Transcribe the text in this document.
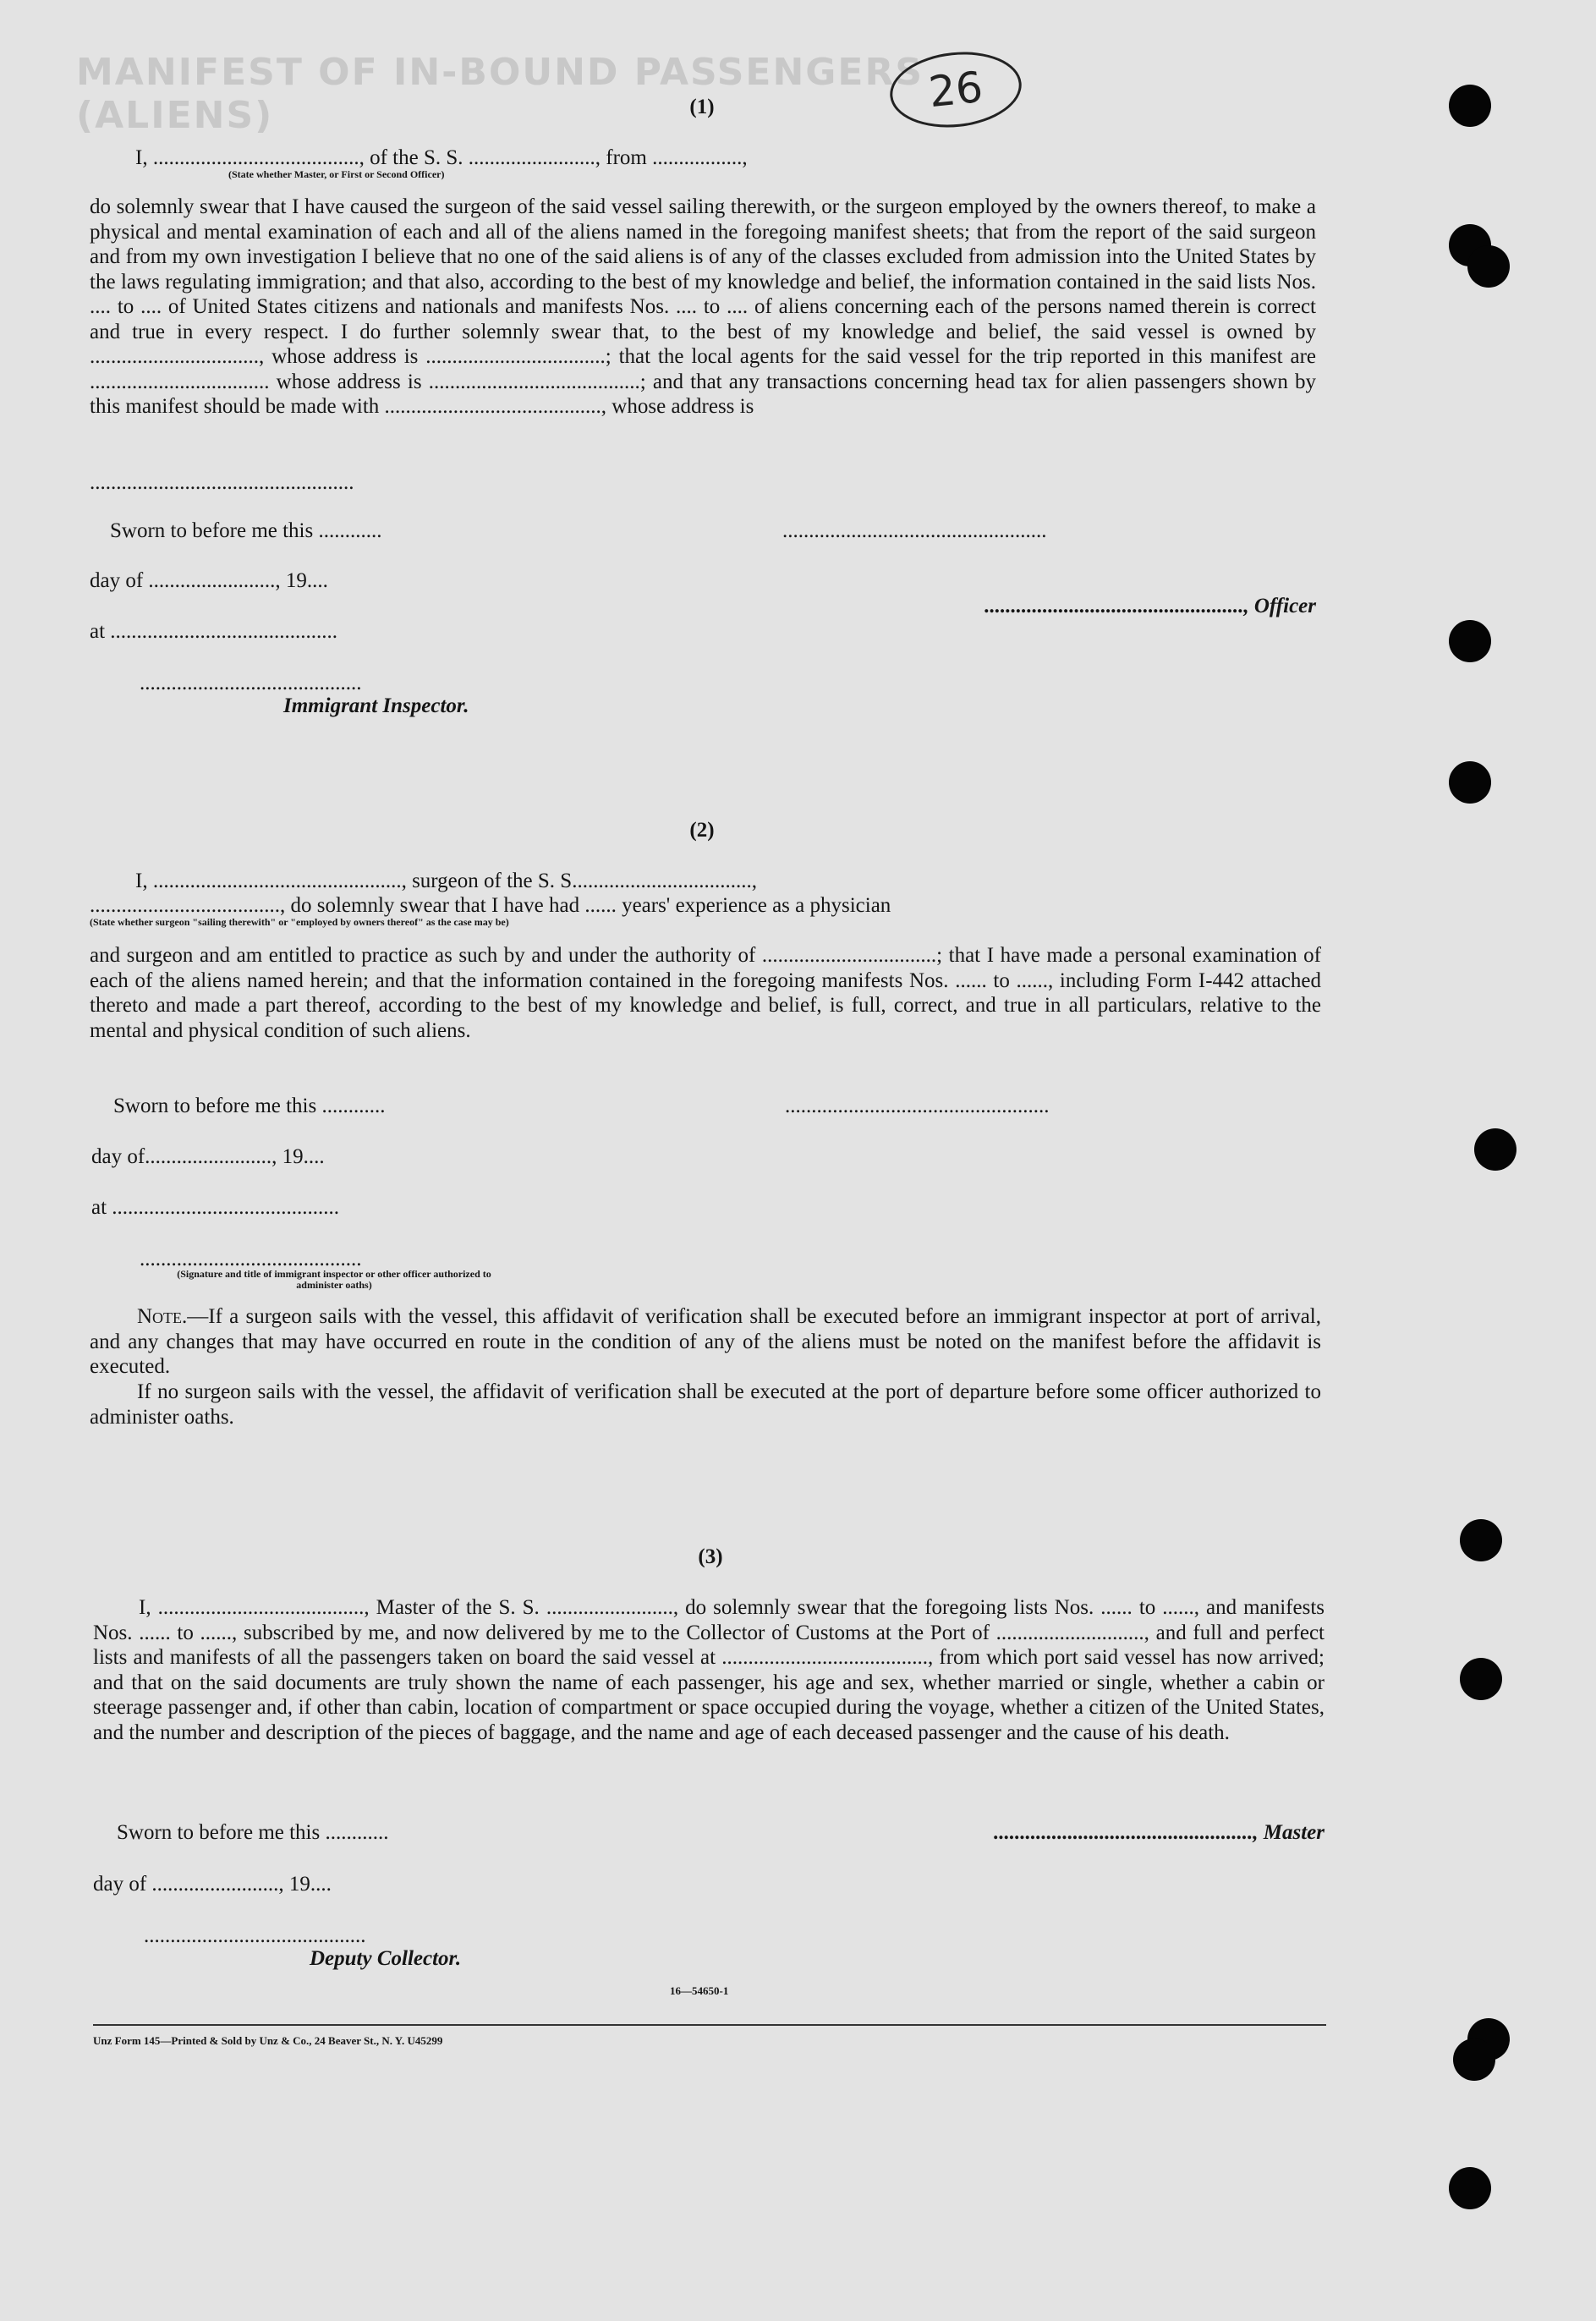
MANIFEST OF IN-BOUND PASSENGERS (ALIENS)	26
(1)
I, ......................................., of the S. S. ........................, from .................,
(State whether Master, or First or Second Officer)
do solemnly swear that I have caused the surgeon of the said vessel sailing therewith, or the surgeon employed by the owners thereof, to make a physical and mental examination of each and all of the aliens named in the foregoing manifest sheets; that from the report of the said surgeon and from my own investigation I believe that no one of the said aliens is of any of the classes excluded from admission into the United States by the laws regulating immigration; and that also, according to the best of my knowledge and belief, the information contained in the said lists Nos. .... to .... of United States citizens and nationals and manifests Nos. .... to .... of aliens concerning each of the persons named therein is correct and true in every respect. I do further solemnly swear that, to the best of my knowledge and belief, the said vessel is owned by ................................, whose address is ..................................; that the local agents for the said vessel for the trip reported in this manifest are .................................. whose address is ........................................; and that any transactions concerning head tax for alien passengers shown by this manifest should be made with ........................................., whose address is
..................................................
Sworn to before me this ............	..................................................
day of ........................, 19....
................................................., Officer
at ...........................................
..........................................
Immigrant Inspector.
(2)
I, ..............................................., surgeon of the S. S..................................,
...................................., do solemnly swear that I have had ...... years' experience as a physician
(State whether surgeon "sailing therewith" or "employed by owners thereof" as the case may be)
and surgeon and am entitled to practice as such by and under the authority of .................................; that I have made a personal examination of each of the aliens named herein; and that the information contained in the foregoing manifests Nos. ...... to ......, including Form I-442 attached thereto and made a part thereof, according to the best of my knowledge and belief, is full, correct, and true in all particulars, relative to the mental and physical condition of such aliens.
Sworn to before me this ............	..................................................
day of........................, 19....
at ...........................................
..........................................
(Signature and title of immigrant inspector or other officer authorized to administer oaths)
Note.—If a surgeon sails with the vessel, this affidavit of verification shall be executed before an immigrant inspector at port of arrival, and any changes that may have occurred en route in the condition of any of the aliens must be noted on the manifest before the affidavit is executed.
If no surgeon sails with the vessel, the affidavit of verification shall be executed at the port of departure before some officer authorized to administer oaths.
(3)
I, ......................................., Master of the S. S. ........................, do solemnly swear that the foregoing lists Nos. ...... to ......, and manifests Nos. ...... to ......, subscribed by me, and now delivered by me to the Collector of Customs at the Port of ............................, and full and perfect lists and manifests of all the passengers taken on board the said vessel at ......................................., from which port said vessel has now arrived; and that on the said documents are truly shown the name of each passenger, his age and sex, whether married or single, whether a cabin or steerage passenger and, if other than cabin, location of compartment or space occupied during the voyage, whether a citizen of the United States, and the number and description of the pieces of baggage, and the name and age of each deceased passenger and the cause of his death.
Sworn to before me this ............	................................................., Master
day of ........................, 19....
..........................................
Deputy Collector.
16—54650-1
Unz Form 145—Printed & Sold by Unz & Co., 24 Beaver St., N. Y. U45299
